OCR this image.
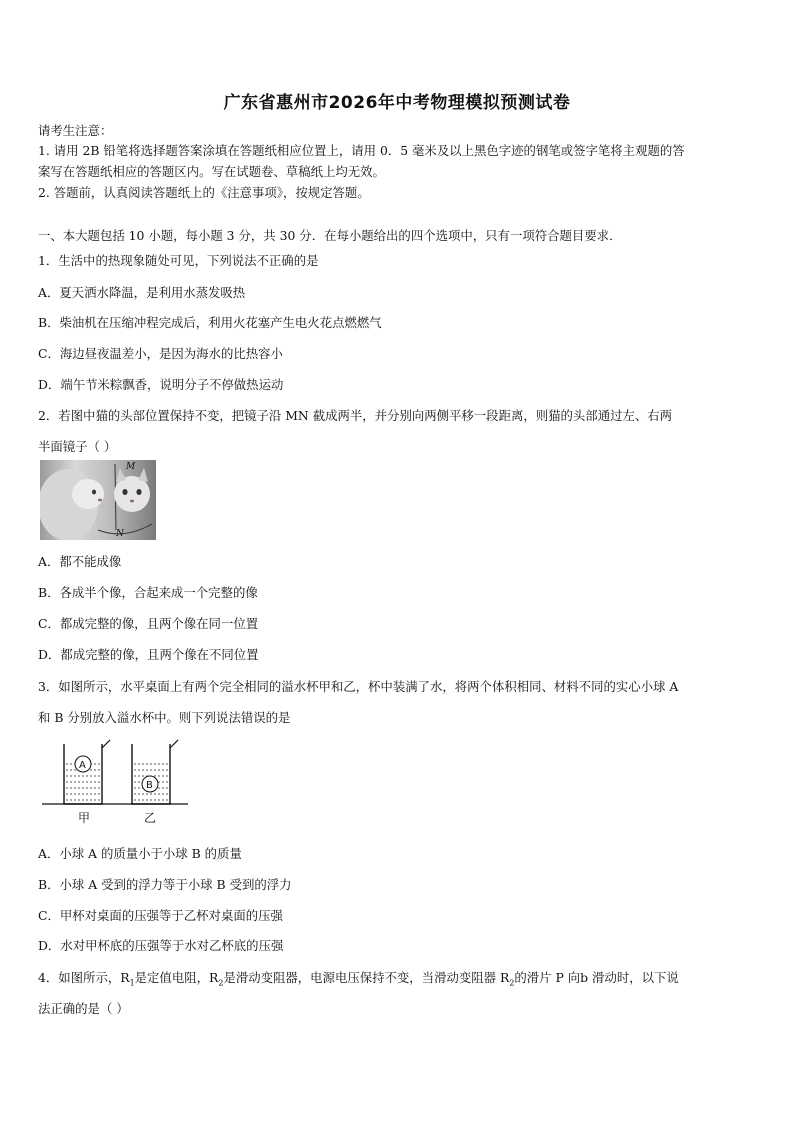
广东省惠州市2026年中考物理模拟预测试卷
请考生注意：
1. 请用 2B 铅笔将选择题答案涂填在答题纸相应位置上，请用 0．5 毫米及以上黑色字迹的钢笔或签字笔将主观题的答
案写在答题纸相应的答题区内。写在试题卷、草稿纸上均无效。
2. 答题前，认真阅读答题纸上的《注意事项》，按规定答题。
一、本大题包括 10 小题，每小题 3 分，共 30 分．在每小题给出的四个选项中，只有一项符合题目要求．
1．生活中的热现象随处可见，下列说法不正确的是
A．夏天洒水降温，是利用水蒸发吸热
B．柴油机在压缩冲程完成后，利用火花塞产生电火花点燃燃气
C．海边昼夜温差小，是因为海水的比热容小
D．端午节米粽飘香，说明分子不停做热运动
2．若图中猫的头部位置保持不变，把镜子沿 MN 截成两半，并分别向两侧平移一段距离，则猫的头部通过左、右两
半面镜子（ ）
M
N
A．都不能成像
B．各成半个像，合起来成一个完整的像
C．都成完整的像，且两个像在同一位置
D．都成完整的像，且两个像在不同位置
3．如图所示，水平桌面上有两个完全相同的溢水杯甲和乙，杯中装满了水，将两个体积相同、材料不同的实心小球 A
和 B 分别放入溢水杯中。则下列说法错误的是
A
B
甲	乙
A．小球 A 的质量小于小球 B 的质量
B．小球 A 受到的浮力等于小球 B 受到的浮力
C．甲杯对桌面的压强等于乙杯对桌面的压强
D．水对甲杯底的压强等于水对乙杯底的压强
4．如图所示，$R_1$是定值电阻，$R_2$是滑动变阻器，电源电压保持不变，当滑动变阻器 $R_2$的滑片 P 向b 滑动时，以下说
法正确的是（ ）
